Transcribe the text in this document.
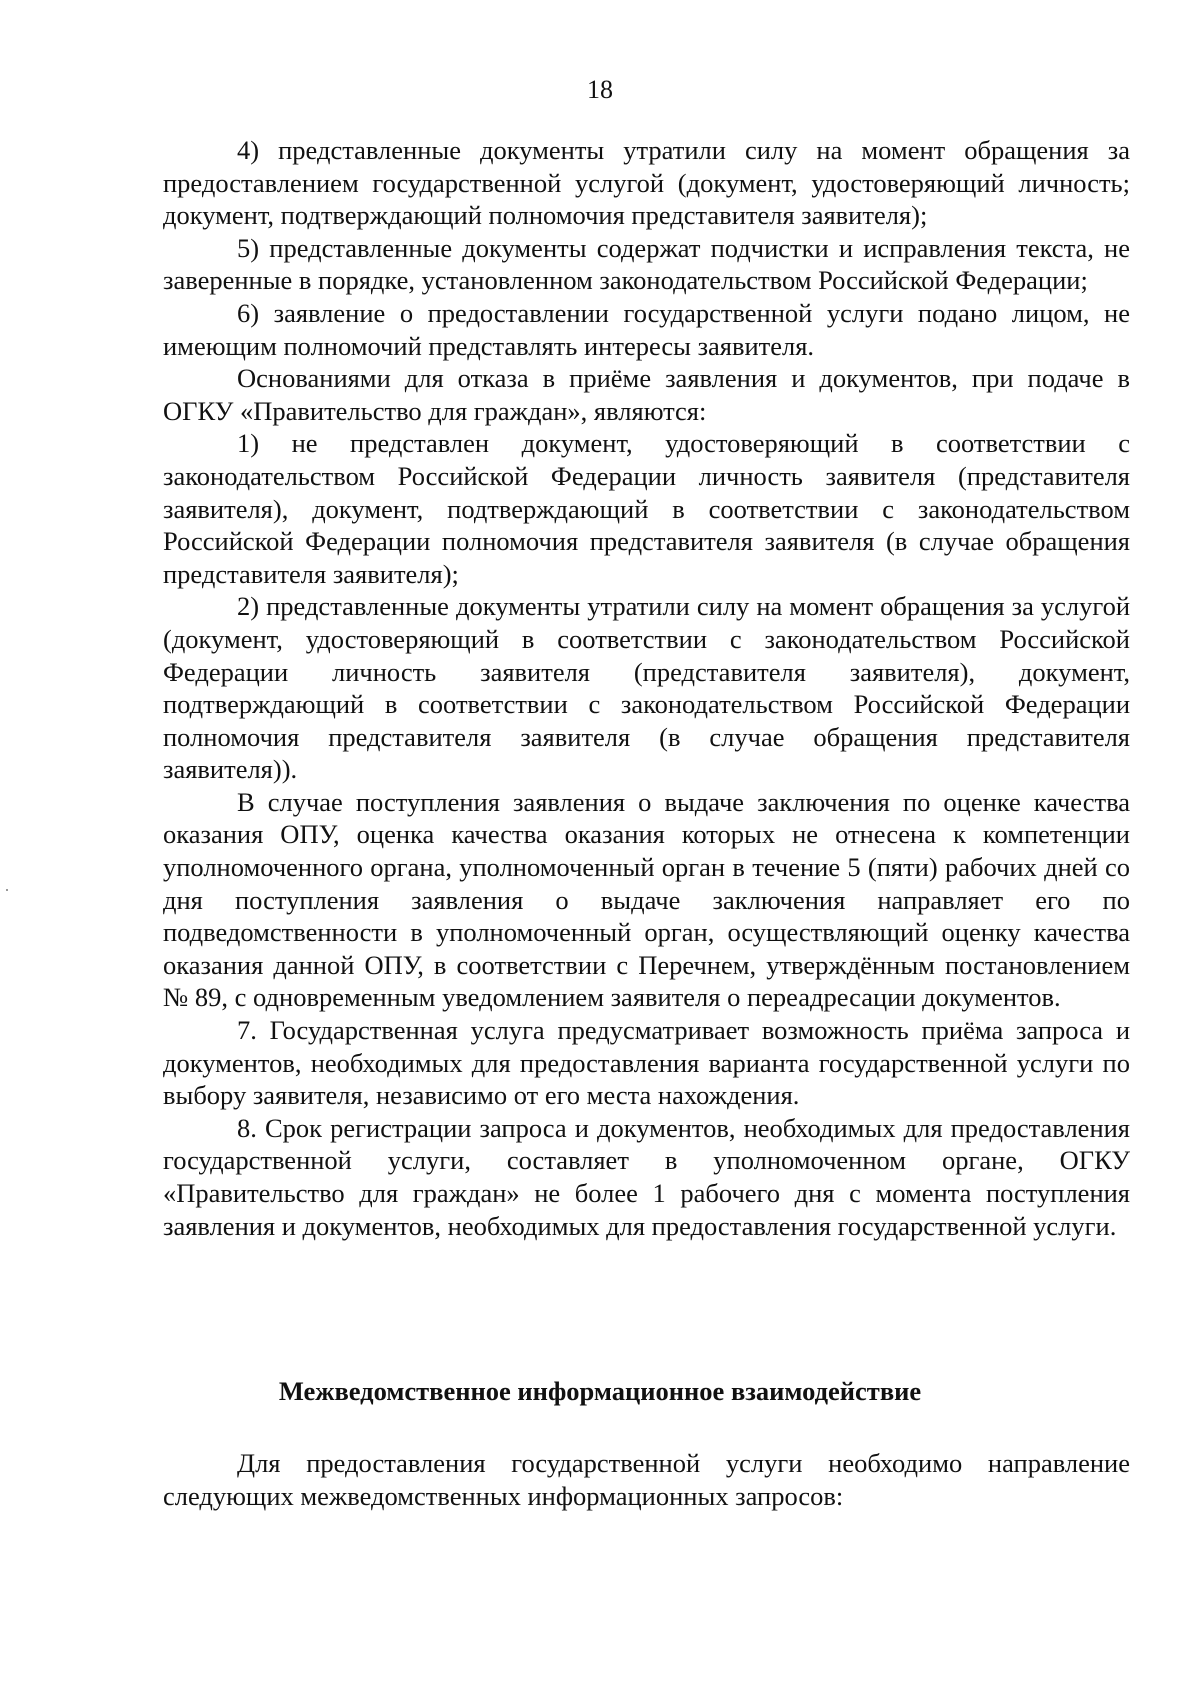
18

4) представленные документы утратили силу на момент обращения за предоставлением государственной услугой (документ, удостоверяющий личность; документ, подтверждающий полномочия представителя заявителя);

5) представленные документы содержат подчистки и исправления текста, не заверенные в порядке, установленном законодательством Российской Федерации;

6) заявление о предоставлении государственной услуги подано лицом, не имеющим полномочий представлять интересы заявителя.

Основаниями для отказа в приёме заявления и документов, при подаче в ОГКУ «Правительство для граждан», являются:

1) не представлен документ, удостоверяющий в соответствии с законодательством Российской Федерации личность заявителя (представителя заявителя), документ, подтверждающий в соответствии с законодательством Российской Федерации полномочия представителя заявителя (в случае обращения представителя заявителя);

2) представленные документы утратили силу на момент обращения за услугой (документ, удостоверяющий в соответствии с законодательством Российской Федерации личность заявителя (представителя заявителя), документ, подтверждающий в соответствии с законодательством Российской Федерации полномочия представителя заявителя (в случае обращения представителя заявителя)).

В случае поступления заявления о выдаче заключения по оценке качества оказания ОПУ, оценка качества оказания которых не отнесена к компетенции уполномоченного органа, уполномоченный орган в течение 5 (пяти) рабочих дней со дня поступления заявления о выдаче заключения направляет его по подведомственности в уполномоченный орган, осуществляющий оценку качества оказания данной ОПУ, в соответствии с Перечнем, утверждённым постановлением № 89, с одновременным уведомлением заявителя о переадресации документов.

7. Государственная услуга предусматривает возможность приёма запроса и документов, необходимых для предоставления варианта государственной услуги по выбору заявителя, независимо от его места нахождения.

8. Срок регистрации запроса и документов, необходимых для предоставления государственной услуги, составляет в уполномоченном органе, ОГКУ «Правительство для граждан» не более 1 рабочего дня с момента поступления заявления и документов, необходимых для предоставления государственной услуги.

Межведомственное информационное взаимодействие

Для предоставления государственной услуги необходимо направление следующих межведомственных информационных запросов:
